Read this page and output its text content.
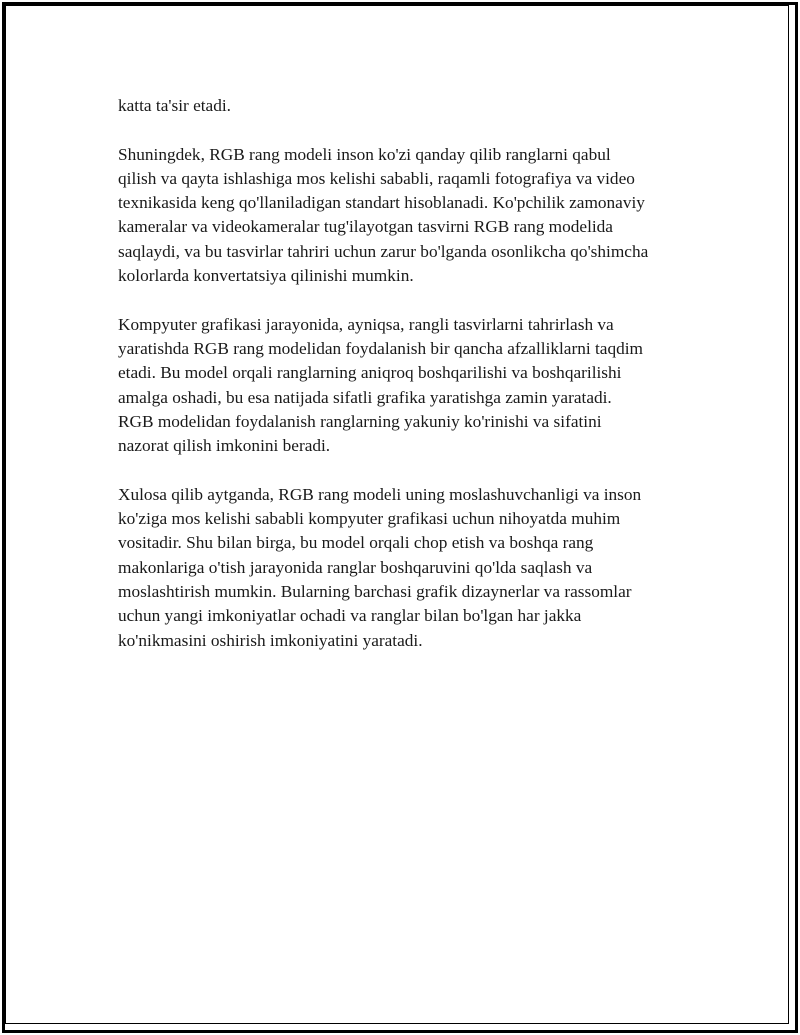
katta ta'sir etadi.

Shuningdek, RGB rang modeli inson ko'zi qanday qilib ranglarni qabul
qilish va qayta ishlashiga mos kelishi sababli, raqamli fotografiya va video
texnikasida keng qo'llaniladigan standart hisoblanadi. Ko'pchilik zamonaviy
kameralar va videokameralar tug'ilayotgan tasvirni RGB rang modelida
saqlaydi, va bu tasvirlar tahriri uchun zarur bo'lganda osonlikcha qo'shimcha
kolorlarda konvertatsiya qilinishi mumkin.

Kompyuter grafikasi jarayonida, ayniqsa, rangli tasvirlarni tahrirlash va
yaratishda RGB rang modelidan foydalanish bir qancha afzalliklarni taqdim
etadi. Bu model orqali ranglarning aniqroq boshqarilishi va boshqarilishi
amalga oshadi, bu esa natijada sifatli grafika yaratishga zamin yaratadi.
RGB modelidan foydalanish ranglarning yakuniy ko'rinishi va sifatini
nazorat qilish imkonini beradi.

Xulosa qilib aytganda, RGB rang modeli uning moslashuvchanligi va inson
ko'ziga mos kelishi sababli kompyuter grafikasi uchun nihoyatda muhim
vositadir. Shu bilan birga, bu model orqali chop etish va boshqa rang
makonlariga o'tish jarayonida ranglar boshqaruvini qo'lda saqlash va
moslashtirish mumkin. Bularning barchasi grafik dizaynerlar va rassomlar
uchun yangi imkoniyatlar ochadi va ranglar bilan bo'lgan har jakka
ko'nikmasini oshirish imkoniyatini yaratadi.
